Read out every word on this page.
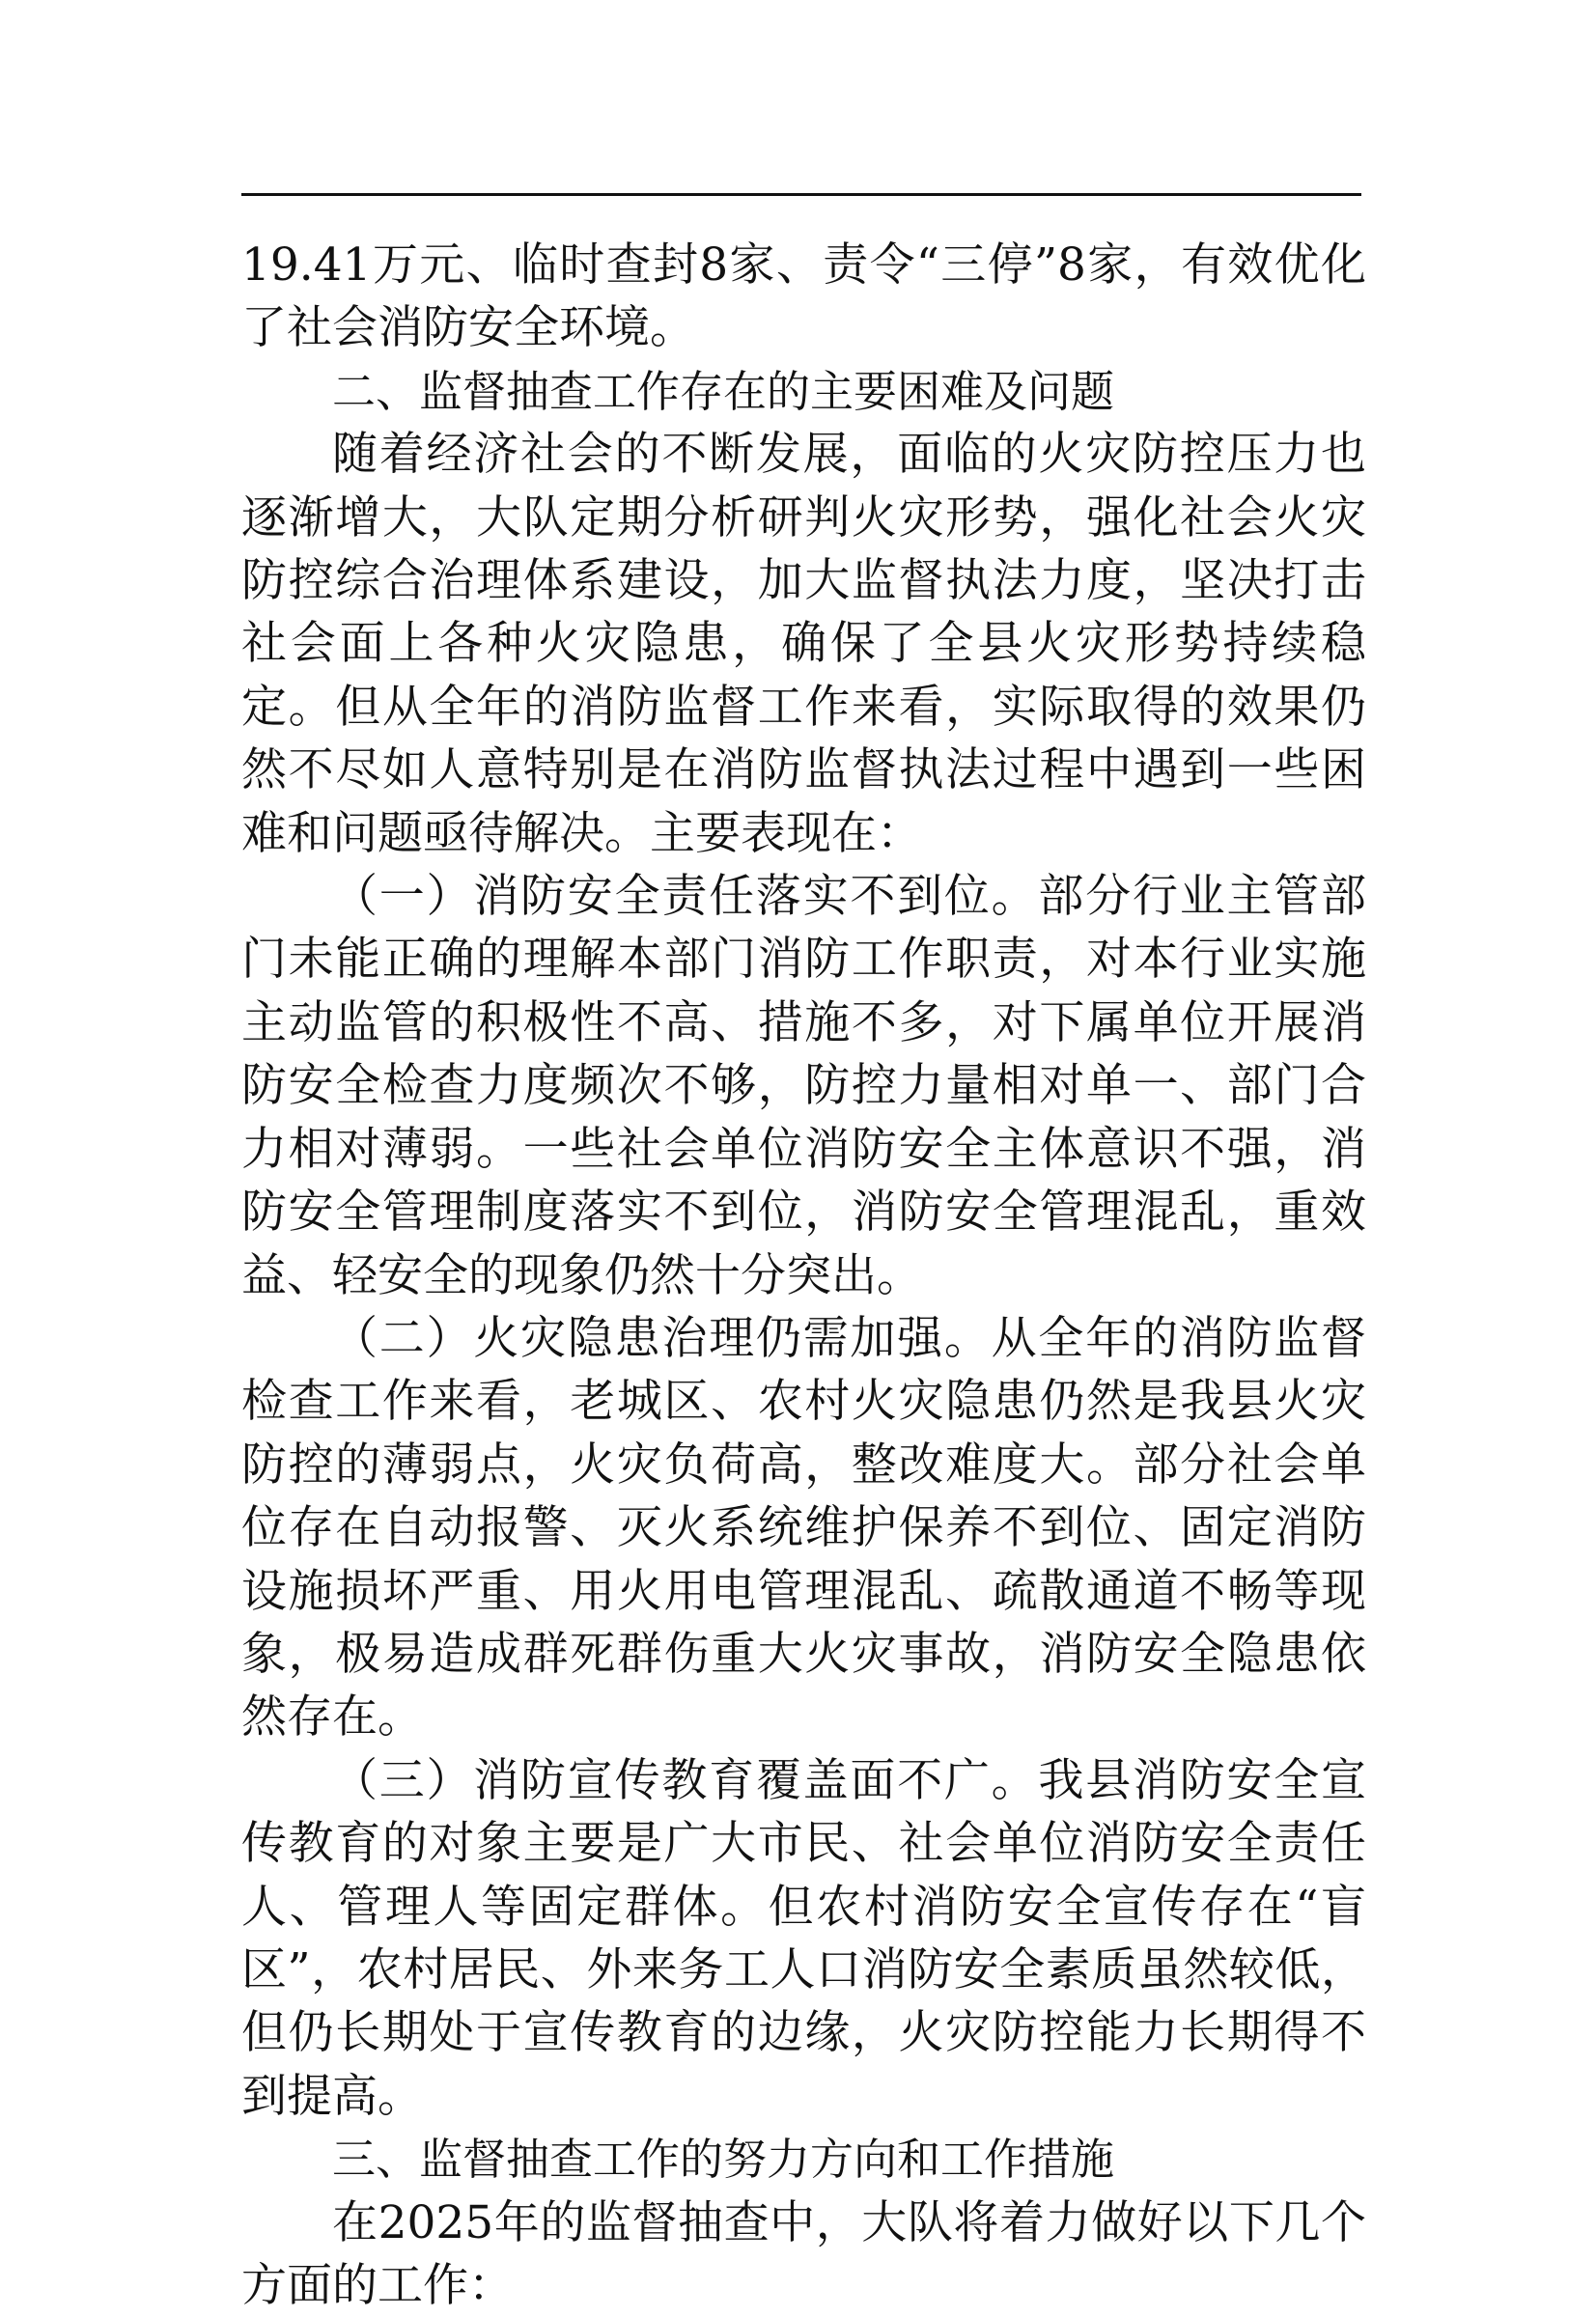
19.41万元、临时查封8家、责令“三停”8家，有效优化了社会消防安全环境。

二、监督抽查工作存在的主要困难及问题

随着经济社会的不断发展，面临的火灾防控压力也逐渐增大，大队定期分析研判火灾形势，强化社会火灾防控综合治理体系建设，加大监督执法力度，坚决打击社会面上各种火灾隐患，确保了全县火灾形势持续稳定。但从全年的消防监督工作来看，实际取得的效果仍然不尽如人意特别是在消防监督执法过程中遇到一些困难和问题亟待解决。主要表现在：

（一）消防安全责任落实不到位。部分行业主管部门未能正确的理解本部门消防工作职责，对本行业实施主动监管的积极性不高、措施不多，对下属单位开展消防安全检查力度频次不够，防控力量相对单一、部门合力相对薄弱。一些社会单位消防安全主体意识不强，消防安全管理制度落实不到位，消防安全管理混乱，重效益、轻安全的现象仍然十分突出。

（二）火灾隐患治理仍需加强。从全年的消防监督检查工作来看，老城区、农村火灾隐患仍然是我县火灾防控的薄弱点，火灾负荷高，整改难度大。部分社会单位存在自动报警、灭火系统维护保养不到位、固定消防设施损坏严重、用火用电管理混乱、疏散通道不畅等现象，极易造成群死群伤重大火灾事故，消防安全隐患依然存在。

（三）消防宣传教育覆盖面不广。我县消防安全宣传教育的对象主要是广大市民、社会单位消防安全责任人、管理人等固定群体。但农村消防安全宣传存在“盲区”，农村居民、外来务工人口消防安全素质虽然较低，但仍长期处于宣传教育的边缘，火灾防控能力长期得不到提高。

三、监督抽查工作的努力方向和工作措施

在2025年的监督抽查中，大队将着力做好以下几个方面的工作：
